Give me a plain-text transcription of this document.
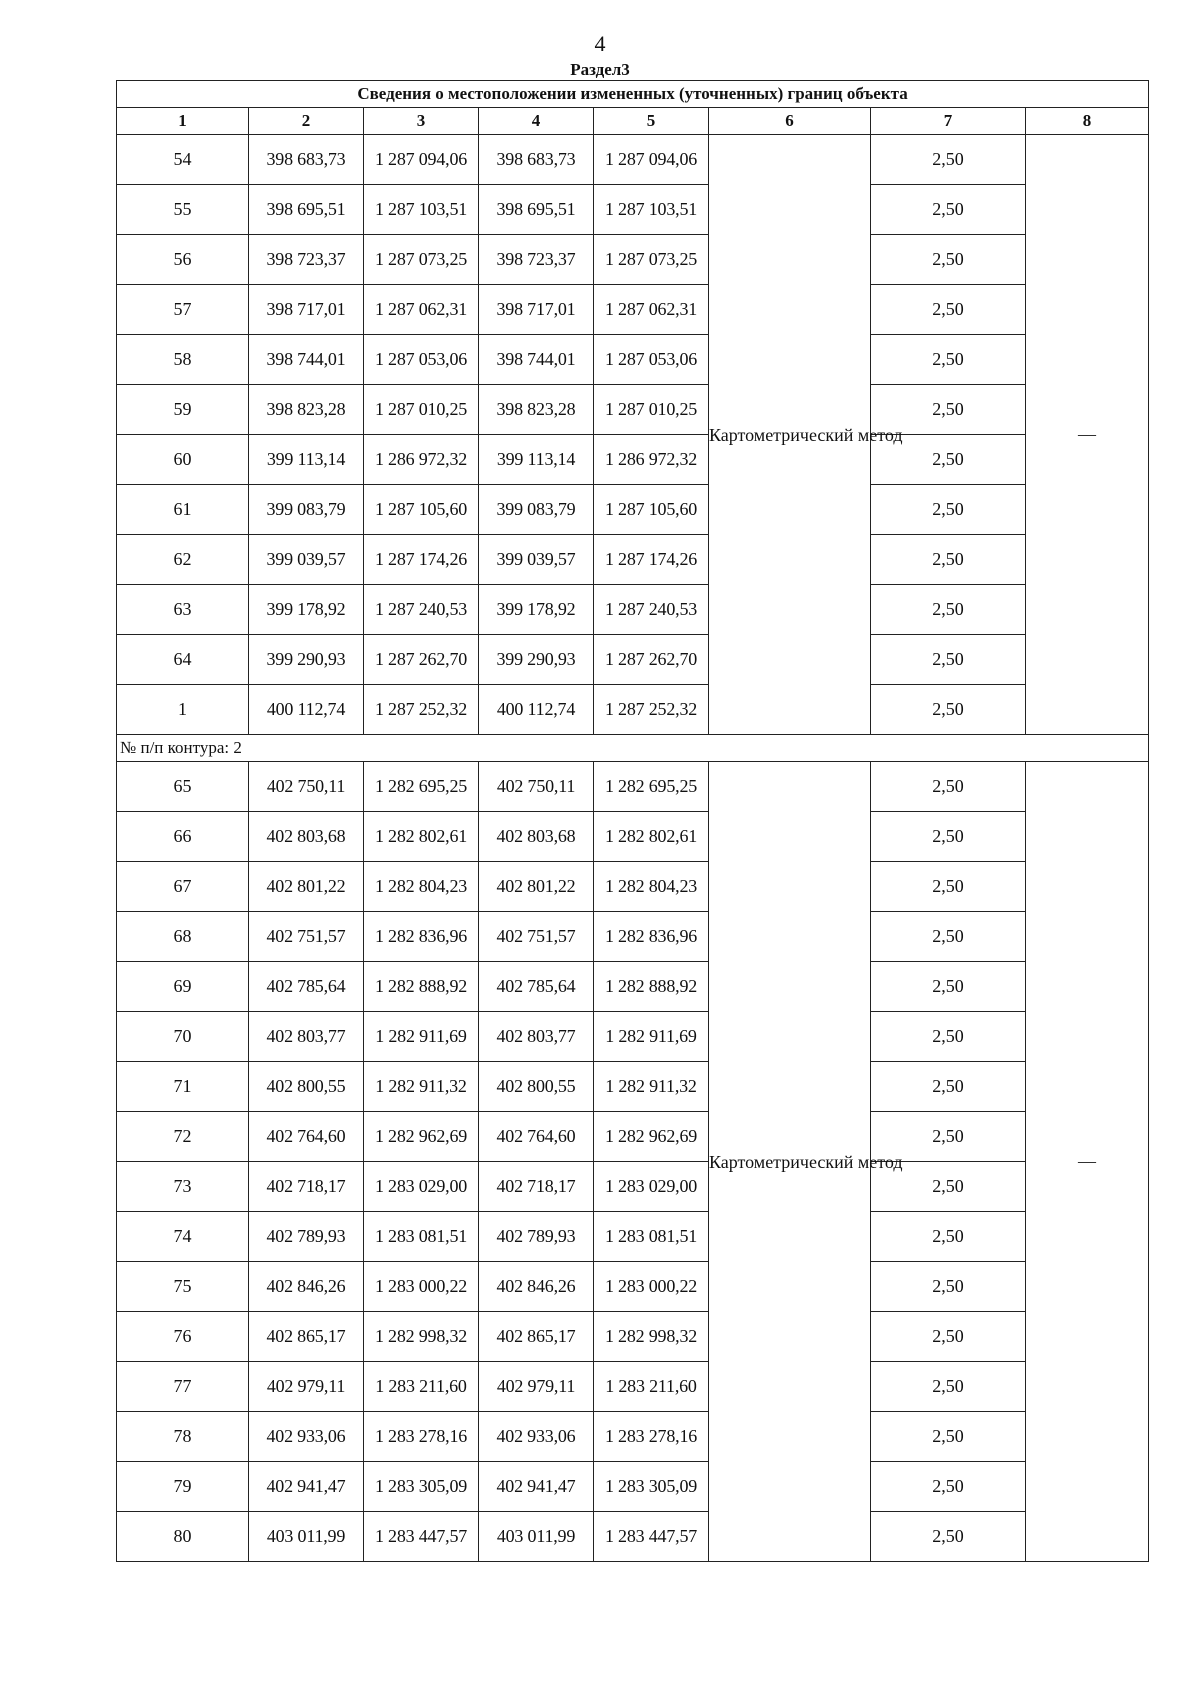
4
Раздел3
Сведения о местоположении измененных (уточненных) границ объекта							
1	2	3	4	5	6	7	8
54	398 683,73	1 287 094,06	398 683,73	1 287 094,06	Картометрический метод	2,50	—
55	398 695,51	1 287 103,51	398 695,51	1 287 103,51		2,50	
56	398 723,37	1 287 073,25	398 723,37	1 287 073,25		2,50	
57	398 717,01	1 287 062,31	398 717,01	1 287 062,31		2,50	
58	398 744,01	1 287 053,06	398 744,01	1 287 053,06		2,50	
59	398 823,28	1 287 010,25	398 823,28	1 287 010,25		2,50	
60	399 113,14	1 286 972,32	399 113,14	1 286 972,32		2,50	
61	399 083,79	1 287 105,60	399 083,79	1 287 105,60		2,50	
62	399 039,57	1 287 174,26	399 039,57	1 287 174,26		2,50	
63	399 178,92	1 287 240,53	399 178,92	1 287 240,53		2,50	
64	399 290,93	1 287 262,70	399 290,93	1 287 262,70		2,50	
1	400 112,74	1 287 252,32	400 112,74	1 287 252,32		2,50	
№ п/п контура: 2							
65	402 750,11	1 282 695,25	402 750,11	1 282 695,25	Картометрический метод	2,50	—
66	402 803,68	1 282 802,61	402 803,68	1 282 802,61		2,50	
67	402 801,22	1 282 804,23	402 801,22	1 282 804,23		2,50	
68	402 751,57	1 282 836,96	402 751,57	1 282 836,96		2,50	
69	402 785,64	1 282 888,92	402 785,64	1 282 888,92		2,50	
70	402 803,77	1 282 911,69	402 803,77	1 282 911,69		2,50	
71	402 800,55	1 282 911,32	402 800,55	1 282 911,32		2,50	
72	402 764,60	1 282 962,69	402 764,60	1 282 962,69		2,50	
73	402 718,17	1 283 029,00	402 718,17	1 283 029,00		2,50	
74	402 789,93	1 283 081,51	402 789,93	1 283 081,51		2,50	
75	402 846,26	1 283 000,22	402 846,26	1 283 000,22		2,50	
76	402 865,17	1 282 998,32	402 865,17	1 282 998,32		2,50	
77	402 979,11	1 283 211,60	402 979,11	1 283 211,60		2,50	
78	402 933,06	1 283 278,16	402 933,06	1 283 278,16		2,50	
79	402 941,47	1 283 305,09	402 941,47	1 283 305,09		2,50	
80	403 011,99	1 283 447,57	403 011,99	1 283 447,57		2,50	
